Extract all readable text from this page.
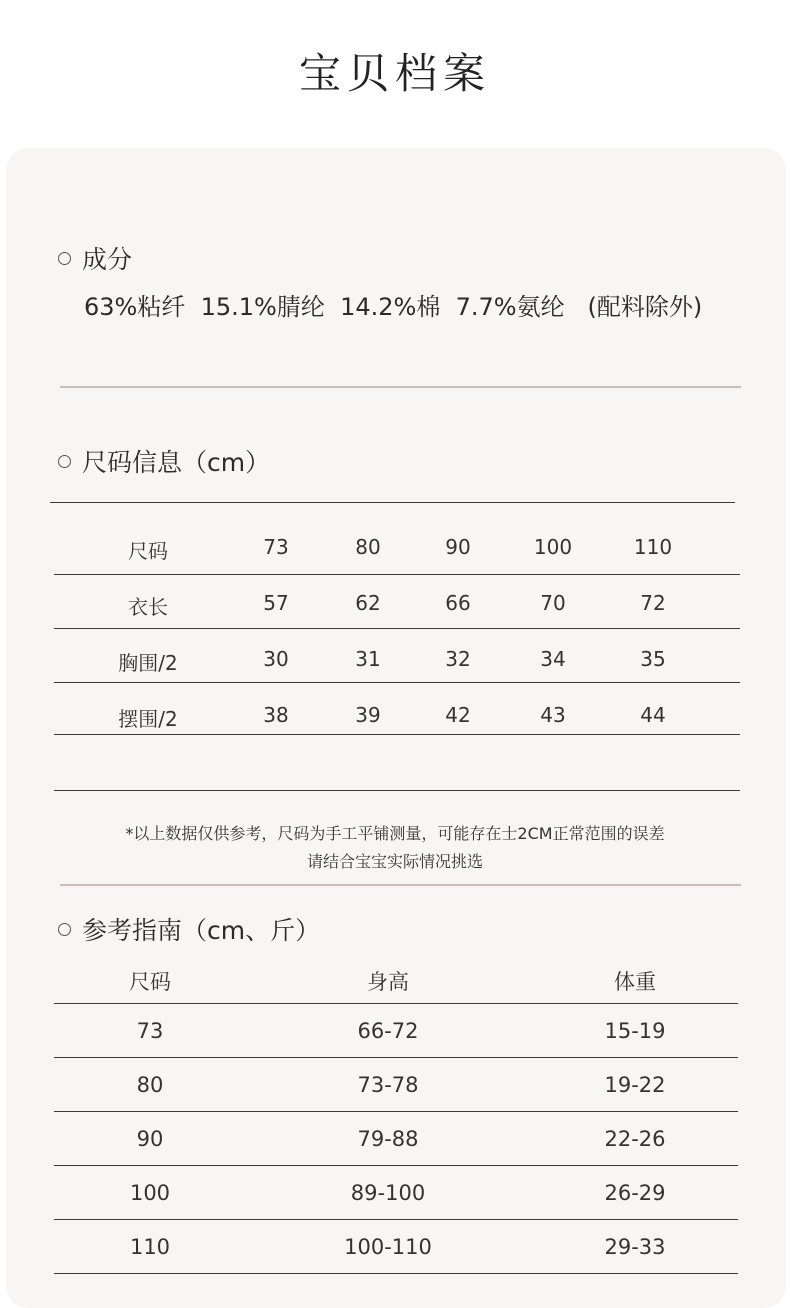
宝贝档案
成分
63%粘纤  15.1%腈纶  14.2%棉  7.7%氨纶   (配料除外)
尺码信息（cm）
尺码	73	80	90	100	110
衣长	57	62	66	70	72
胸围/2	30	31	32	34	35
摆围/2	38	39	42	43	44
*以上数据仅供参考，尺码为手工平铺测量，可能存在士2CM正常范围的误差
请结合宝宝实际情况挑选
参考指南（cm、斤）
尺码	身高	体重
73	66-72	15-19
80	73-78	19-22
90	79-88	22-26
100	89-100	26-29
110	100-110	29-33
